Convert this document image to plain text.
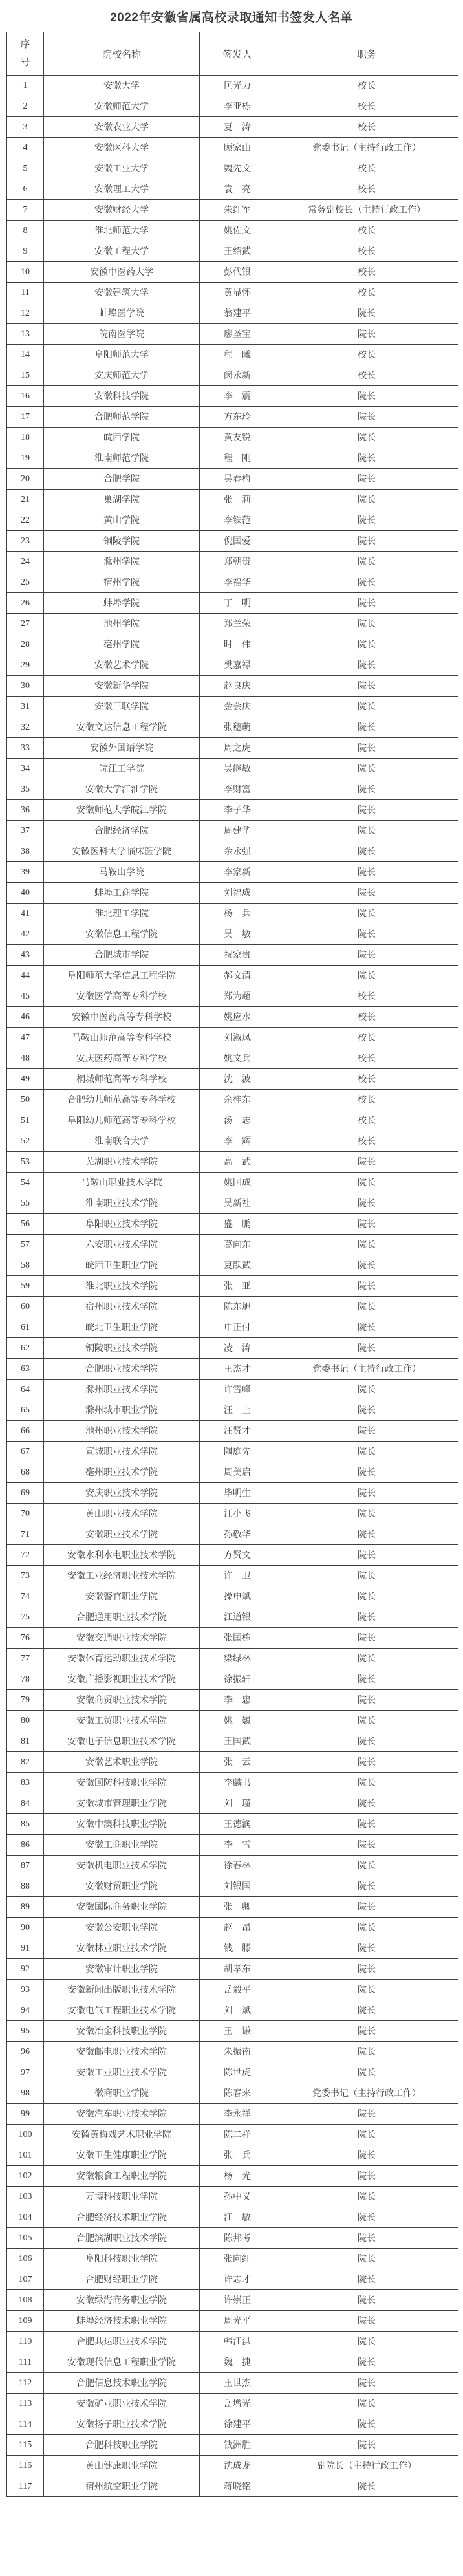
2022年安徽省属高校录取通知书签发人名单
序号	院校名称	签发人	职务
1	安徽大学	匡光力	校长
2	安徽师范大学	李亚栋	校长
3	安徽农业大学	夏　涛	校长
4	安徽医科大学	顾家山	党委书记（主持行政工作）
5	安徽工业大学	魏先文	校长
6	安徽理工大学	袁　亮	校长
7	安徽财经大学	朱红军	常务副校长（主持行政工作）
8	淮北师范大学	姚佐文	校长
9	安徽工程大学	王绍武	校长
10	安徽中医药大学	彭代银	校长
11	安徽建筑大学	黄显怀	校长
12	蚌埠医学院	翁建平	院长
13	皖南医学院	廖圣宝	院长
14	阜阳师范大学	程　曦	校长
15	安庆师范大学	闵永新	校长
16	安徽科技学院	李　震	院长
17	合肥师范学院	方东玲	院长
18	皖西学院	黄友锐	院长
19	淮南师范学院	程　刚	院长
20	合肥学院	吴春梅	院长
21	巢湖学院	张　莉	院长
22	黄山学院	李铁范	院长
23	铜陵学院	倪国爱	院长
24	滁州学院	郑朝贵	院长
25	宿州学院	李福华	院长
26	蚌埠学院	丁　明	院长
27	池州学院	郑兰荣	院长
28	亳州学院	时　伟	院长
29	安徽艺术学院	樊嘉禄	院长
30	安徽新华学院	赵良庆	院长
31	安徽三联学院	金会庆	院长
32	安徽文达信息工程学院	张穗萌	院长
33	安徽外国语学院	周之虎	院长
34	皖江工学院	吴继敏	院长
35	安徽大学江淮学院	李财富	院长
36	安徽师范大学皖江学院	李子华	院长
37	合肥经济学院	周建华	院长
38	安徽医科大学临床医学院	余永强	院长
39	马鞍山学院	李家新	院长
40	蚌埠工商学院	刘福成	院长
41	淮北理工学院	杨　兵	院长
42	安徽信息工程学院	吴　敏	院长
43	合肥城市学院	祝家贵	院长
44	阜阳师范大学信息工程学院	郝文清	院长
45	安徽医学高等专科学校	郑为超	校长
46	安徽中医药高等专科学校	姚应水	校长
47	马鞍山师范高等专科学校	刘淑凤	校长
48	安庆医药高等专科学校	姚文兵	校长
49	桐城师范高等专科学校	沈　波	校长
50	合肥幼儿师范高等专科学校	余桂东	校长
51	阜阳幼儿师范高等专科学校	汤　志	校长
52	淮南联合大学	李　辉	校长
53	芜湖职业技术学院	高　武	院长
54	马鞍山职业技术学院	姚国成	院长
55	淮南职业技术学院	吴新社	院长
56	阜阳职业技术学院	盛　鹏	院长
57	六安职业技术学院	葛向东	院长
58	皖西卫生职业学院	夏跃武	院长
59	淮北职业技术学院	张　亚	院长
60	宿州职业技术学院	陈东旭	院长
61	皖北卫生职业学院	申正付	院长
62	铜陵职业技术学院	凌　涛	院长
63	合肥职业技术学院	王杰才	党委书记（主持行政工作）
64	滁州职业技术学院	许雪峰	院长
65	滁州城市职业学院	汪　上	院长
66	池州职业技术学院	汪贤才	院长
67	宣城职业技术学院	陶庭先	院长
68	亳州职业技术学院	周美启	院长
69	安庆职业技术学院	毕明生	院长
70	黄山职业技术学院	汪小飞	院长
71	安徽职业技术学院	孙敬华	院长
72	安徽水利水电职业技术学院	方贤文	院长
73	安徽工业经济职业技术学院	许　卫	院长
74	安徽警官职业学院	操申斌	院长
75	合肥通用职业技术学院	江道银	院长
76	安徽交通职业技术学院	张国栋	院长
77	安徽体育运动职业技术学院	梁绿林	院长
78	安徽广播影视职业技术学院	徐振轩	院长
79	安徽商贸职业技术学院	李　忠	院长
80	安徽工贸职业技术学院	姚　巍	院长
81	安徽电子信息职业技术学院	王国武	院长
82	安徽艺术职业学院	张　云	院长
83	安徽国防科技职业学院	李麟书	院长
84	安徽城市管理职业学院	刘　瑾	院长
85	安徽中澳科技职业学院	王德润	院长
86	安徽工商职业学院	李　雪	院长
87	安徽机电职业技术学院	徐春林	院长
88	安徽财贸职业学院	刘银国	院长
89	安徽国际商务职业学院	张　卿	院长
90	安徽公安职业学院	赵　昂	院长
91	安徽林业职业技术学院	钱　滕	院长
92	安徽审计职业学院	胡孝东	院长
93	安徽新闻出版职业技术学院	岳毅平	院长
94	安徽电气工程职业技术学院	刘　斌	院长
95	安徽冶金科技职业学院	王　谦	院长
96	安徽邮电职业技术学院	朱振南	院长
97	安徽工业职业技术学院	陈世虎	院长
98	徽商职业学院	陈春来	党委书记（主持行政工作）
99	安徽汽车职业技术学院	李永祥	院长
100	安徽黄梅戏艺术职业学院	陈二祥	院长
101	安徽卫生健康职业学院	张　兵	院长
102	安徽粮食工程职业学院	杨　光	院长
103	万博科技职业学院	孙中义	院长
104	合肥经济技术职业学院	江　敏	院长
105	合肥滨湖职业技术学院	陈邦考	院长
106	阜阳科技职业学院	张向红	院长
107	合肥财经职业学院	许志才	院长
108	安徽绿海商务职业学院	许崇正	院长
109	蚌埠经济技术职业学院	周光平	院长
110	合肥共达职业技术学院	韩江洪	院长
111	安徽现代信息工程职业学院	魏　捷	院长
112	合肥信息技术职业学院	王世杰	院长
113	安徽矿业职业技术学院	岳增光	院长
114	安徽扬子职业技术学院	徐建平	院长
115	合肥科技职业学院	钱洲胜	院长
116	黄山健康职业学院	沈成龙	副院长（主持行政工作）
117	宿州航空职业学院	蒋晓铭	院长
